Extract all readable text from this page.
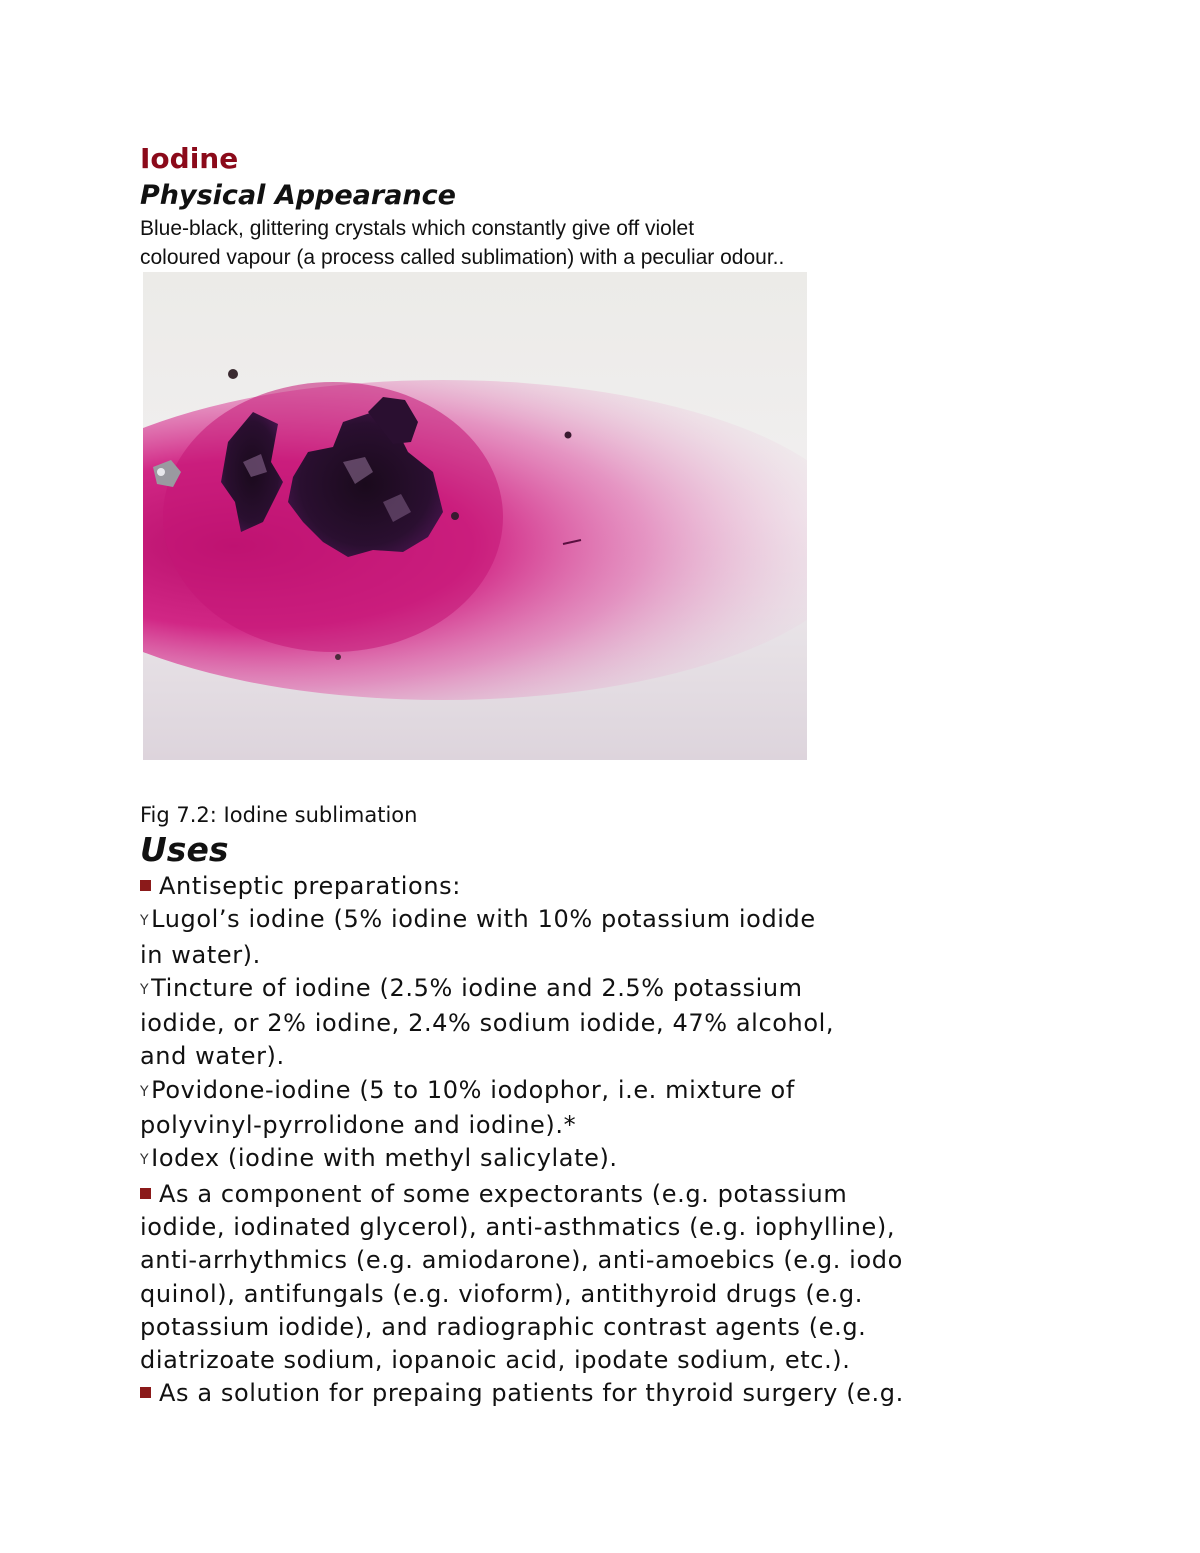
Iodine
Physical Appearance

Blue-black, glittering crystals which constantly give off violet

coloured vapour (a process called sublimation) with a peculiar odour..

Fig 7.2: Iodine sublimation

Uses

Antiseptic preparations:

YLugol’s iodine (5% iodine with 10% potassium iodide

in water).

YTincture of iodine (2.5% iodine and 2.5% potassium

iodide, or 2% iodine, 2.4% sodium iodide, 47% alcohol,

and water).

YPovidone-iodine (5 to 10% iodophor, i.e. mixture of

polyvinyl-pyrrolidone and iodine).*

YIodex (iodine with methyl salicylate).

As a component of some expectorants (e.g. potassium

iodide, iodinated glycerol), anti-asthmatics (e.g. iophylline),

anti-arrhythmics (e.g. amiodarone), anti-amoebics (e.g. iodo

quinol), antifungals (e.g. vioform), antithyroid drugs (e.g.

potassium iodide), and radiographic contrast agents (e.g.

diatrizoate sodium, iopanoic acid, ipodate sodium, etc.).

As a solution for prepaing patients for thyroid surgery (e.g.
